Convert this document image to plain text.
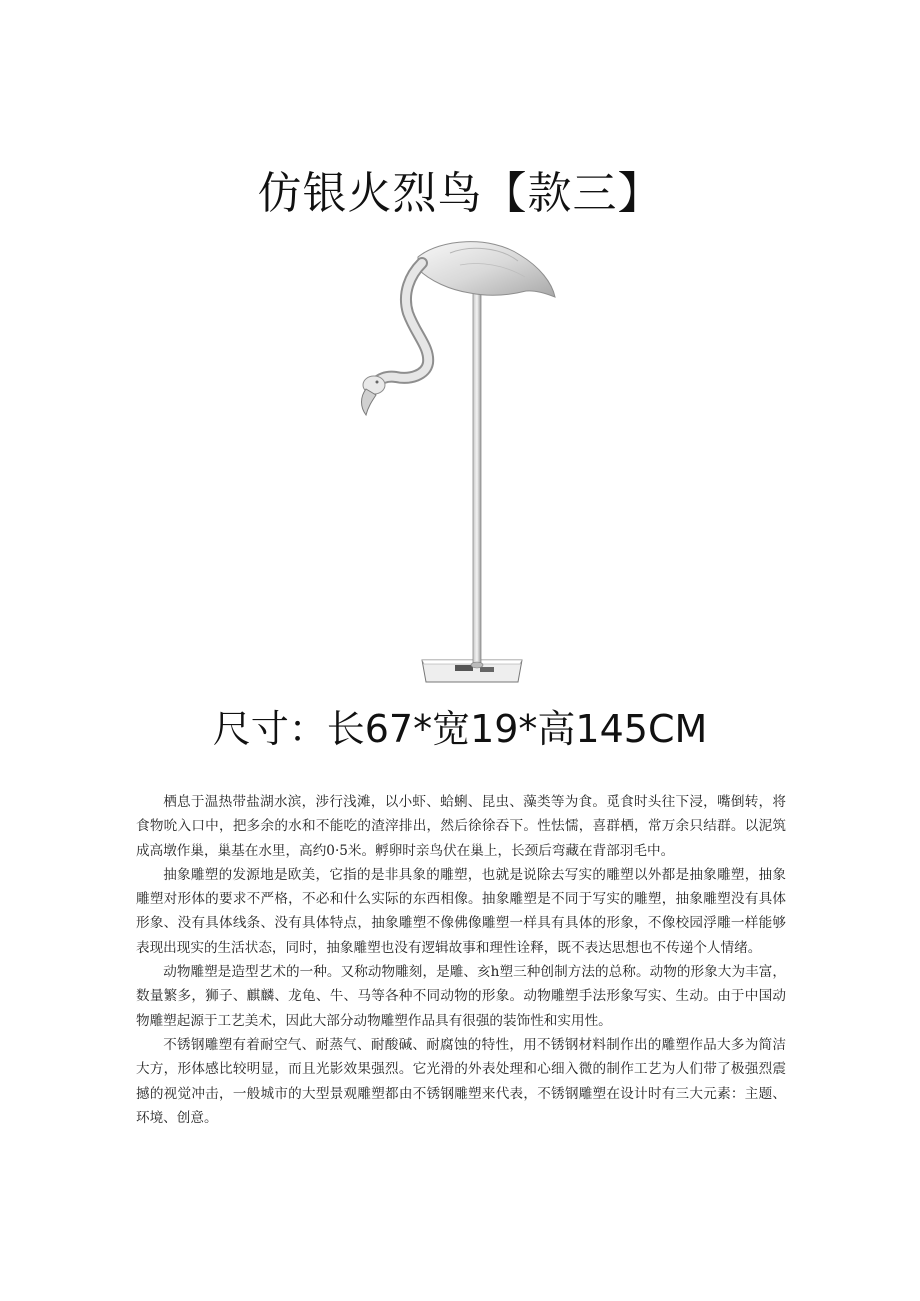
仿银火烈鸟【款三】
尺寸：长67*宽19*高145CM

栖息于温热带盐湖水滨，涉行浅滩，以小虾、蛤蜊、昆虫、藻类等为食。觅食时头往下浸，嘴倒转，将食物吮入口中，把多余的水和不能吃的渣滓排出，然后徐徐吞下。性怯懦，喜群栖，常万余只结群。以泥筑成高墩作巢，巢基在水里，高约0·5米。孵卵时亲鸟伏在巢上，长颈后弯藏在背部羽毛中。

抽象雕塑的发源地是欧美，它指的是非具象的雕塑，也就是说除去写实的雕塑以外都是抽象雕塑，抽象雕塑对形体的要求不严格，不必和什么实际的东西相像。抽象雕塑是不同于写实的雕塑，抽象雕塑没有具体形象、没有具体线条、没有具体特点，抽象雕塑不像佛像雕塑一样具有具体的形象，不像校园浮雕一样能够表现出现实的生活状态，同时，抽象雕塑也没有逻辑故事和理性诠释，既不表达思想也不传递个人情绪。

动物雕塑是造型艺术的一种。又称动物雕刻，是雕、亥h塑三种创制方法的总称。动物的形象大为丰富，数量繁多，狮子、麒麟、龙龟、牛、马等各种不同动物的形象。动物雕塑手法形象写实、生动。由于中国动物雕塑起源于工艺美术，因此大部分动物雕塑作品具有很强的装饰性和实用性。

不锈钢雕塑有着耐空气、耐蒸气、耐酸碱、耐腐蚀的特性，用不锈钢材料制作出的雕塑作品大多为简洁大方，形体感比较明显，而且光影效果强烈。它光滑的外表处理和心细入微的制作工艺为人们带了极强烈震撼的视觉冲击，一般城市的大型景观雕塑都由不锈钢雕塑来代表，不锈钢雕塑在设计时有三大元素：主题、环境、创意。
